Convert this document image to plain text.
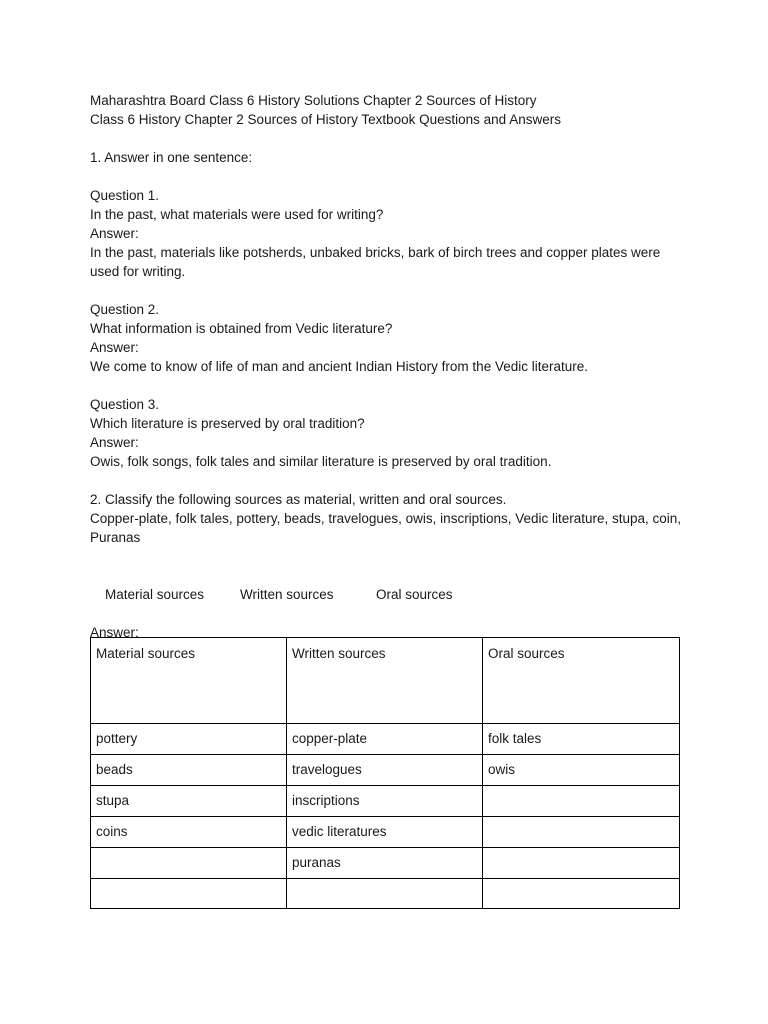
Maharashtra Board Class 6 History Solutions Chapter 2 Sources of History
Class 6 History Chapter 2 Sources of History Textbook Questions and Answers
1. Answer in one sentence:
Question 1.
In the past, what materials were used for writing?
Answer:
In the past, materials like potsherds, unbaked bricks, bark of birch trees and copper plates were used for writing.
Question 2.
What information is obtained from Vedic literature?
Answer:
We come to know of life of man and ancient Indian History from the Vedic literature.
Question 3.
Which literature is preserved by oral tradition?
Answer:
Owis, folk songs, folk tales and similar literature is preserved by oral tradition.
2. Classify the following sources as material, written and oral sources.
Copper-plate, folk tales, pottery, beads, travelogues, owis, inscriptions, Vedic literature, stupa, coin, Puranas

Material sources	Written sources	Oral sources

Answer:
Material sources	Written sources	Oral sources
pottery	copper-plate	folk tales
beads	travelogues	owis
stupa	inscriptions	
coins	vedic literatures	
	puranas	
